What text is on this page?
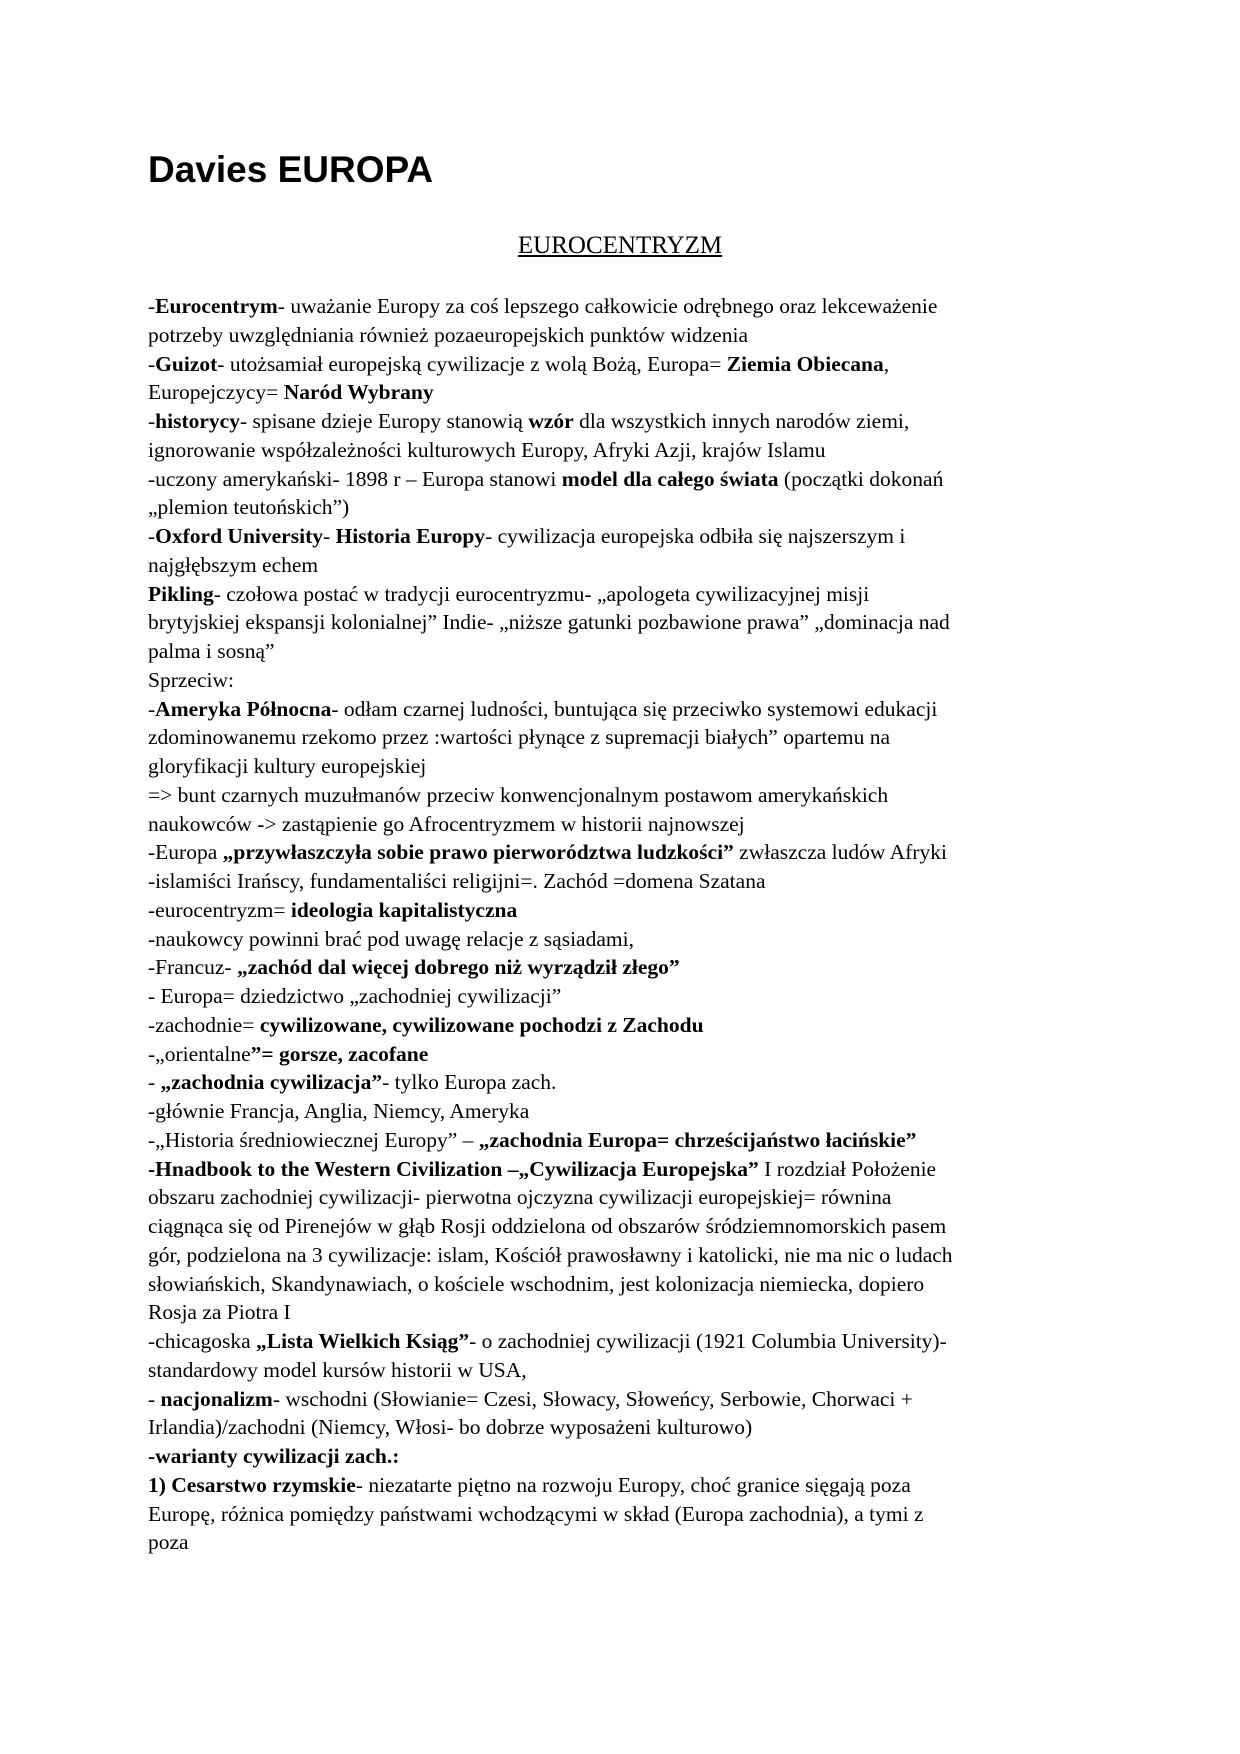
Davies EUROPA
EUROCENTRYZM
-Eurocentrym- uważanie Europy za coś lepszego całkowicie odrębnego oraz lekceważenie
potrzeby uwzględniania również pozaeuropejskich punktów widzenia
-Guizot- utożsamiał europejską cywilizacje z wolą Bożą, Europa= Ziemia Obiecana,
Europejczycy= Naród Wybrany
-historycy- spisane dzieje Europy stanowią wzór dla wszystkich innych narodów ziemi,
ignorowanie współzależności kulturowych Europy, Afryki Azji, krajów Islamu
-uczony amerykański- 1898 r – Europa stanowi model dla całego świata (początki dokonań
„plemion teutońskich”)
-Oxford University- Historia Europy- cywilizacja europejska odbiła się najszerszym i
najgłębszym echem
Pikling- czołowa postać w tradycji eurocentryzmu- „apologeta cywilizacyjnej misji
brytyjskiej ekspansji kolonialnej” Indie- „niższe gatunki pozbawione prawa” „dominacja nad
palma i sosną”
Sprzeciw:
-Ameryka Północna- odłam czarnej ludności, buntująca się przeciwko systemowi edukacji
zdominowanemu rzekomo przez :wartości płynące z supremacji białych” opartemu na
gloryfikacji kultury europejskiej
=> bunt czarnych muzułmanów przeciw konwencjonalnym postawom amerykańskich
naukowców -> zastąpienie go Afrocentryzmem w historii najnowszej
-Europa „przywłaszczyła sobie prawo pierworództwa ludzkości” zwłaszcza ludów Afryki
-islamiści Irańscy, fundamentaliści religijni=. Zachód =domena Szatana
-eurocentryzm= ideologia kapitalistyczna
-naukowcy powinni brać pod uwagę relacje z sąsiadami,
-Francuz- „zachód dal więcej dobrego niż wyrządził złego”
- Europa= dziedzictwo „zachodniej cywilizacji”
-zachodnie= cywilizowane, cywilizowane pochodzi z Zachodu
-„orientalne”= gorsze, zacofane
- „zachodnia cywilizacja”- tylko Europa zach.
-głównie Francja, Anglia, Niemcy, Ameryka
-„Historia średniowiecznej Europy” – „zachodnia Europa= chrześcijaństwo łacińskie”
-Hnadbook to the Western Civilization –„Cywilizacja Europejska” I rozdział Położenie
obszaru zachodniej cywilizacji- pierwotna ojczyzna cywilizacji europejskiej= równina
ciągnąca się od Pirenejów w głąb Rosji oddzielona od obszarów śródziemnomorskich pasem
gór, podzielona na 3 cywilizacje: islam, Kościół prawosławny i katolicki, nie ma nic o ludach
słowiańskich, Skandynawiach, o kościele wschodnim, jest kolonizacja niemiecka, dopiero
Rosja za Piotra I
-chicagoska „Lista Wielkich Ksiąg”- o zachodniej cywilizacji (1921 Columbia University)-
standardowy model kursów historii w USA,
- nacjonalizm- wschodni (Słowianie= Czesi, Słowacy, Słoweńcy, Serbowie, Chorwaci +
Irlandia)/zachodni (Niemcy, Włosi- bo dobrze wyposażeni kulturowo)
-warianty cywilizacji zach.:
1) Cesarstwo rzymskie- niezatarte piętno na rozwoju Europy, choć granice sięgają poza
Europę, różnica pomiędzy państwami wchodzącymi w skład (Europa zachodnia), a tymi z
poza
